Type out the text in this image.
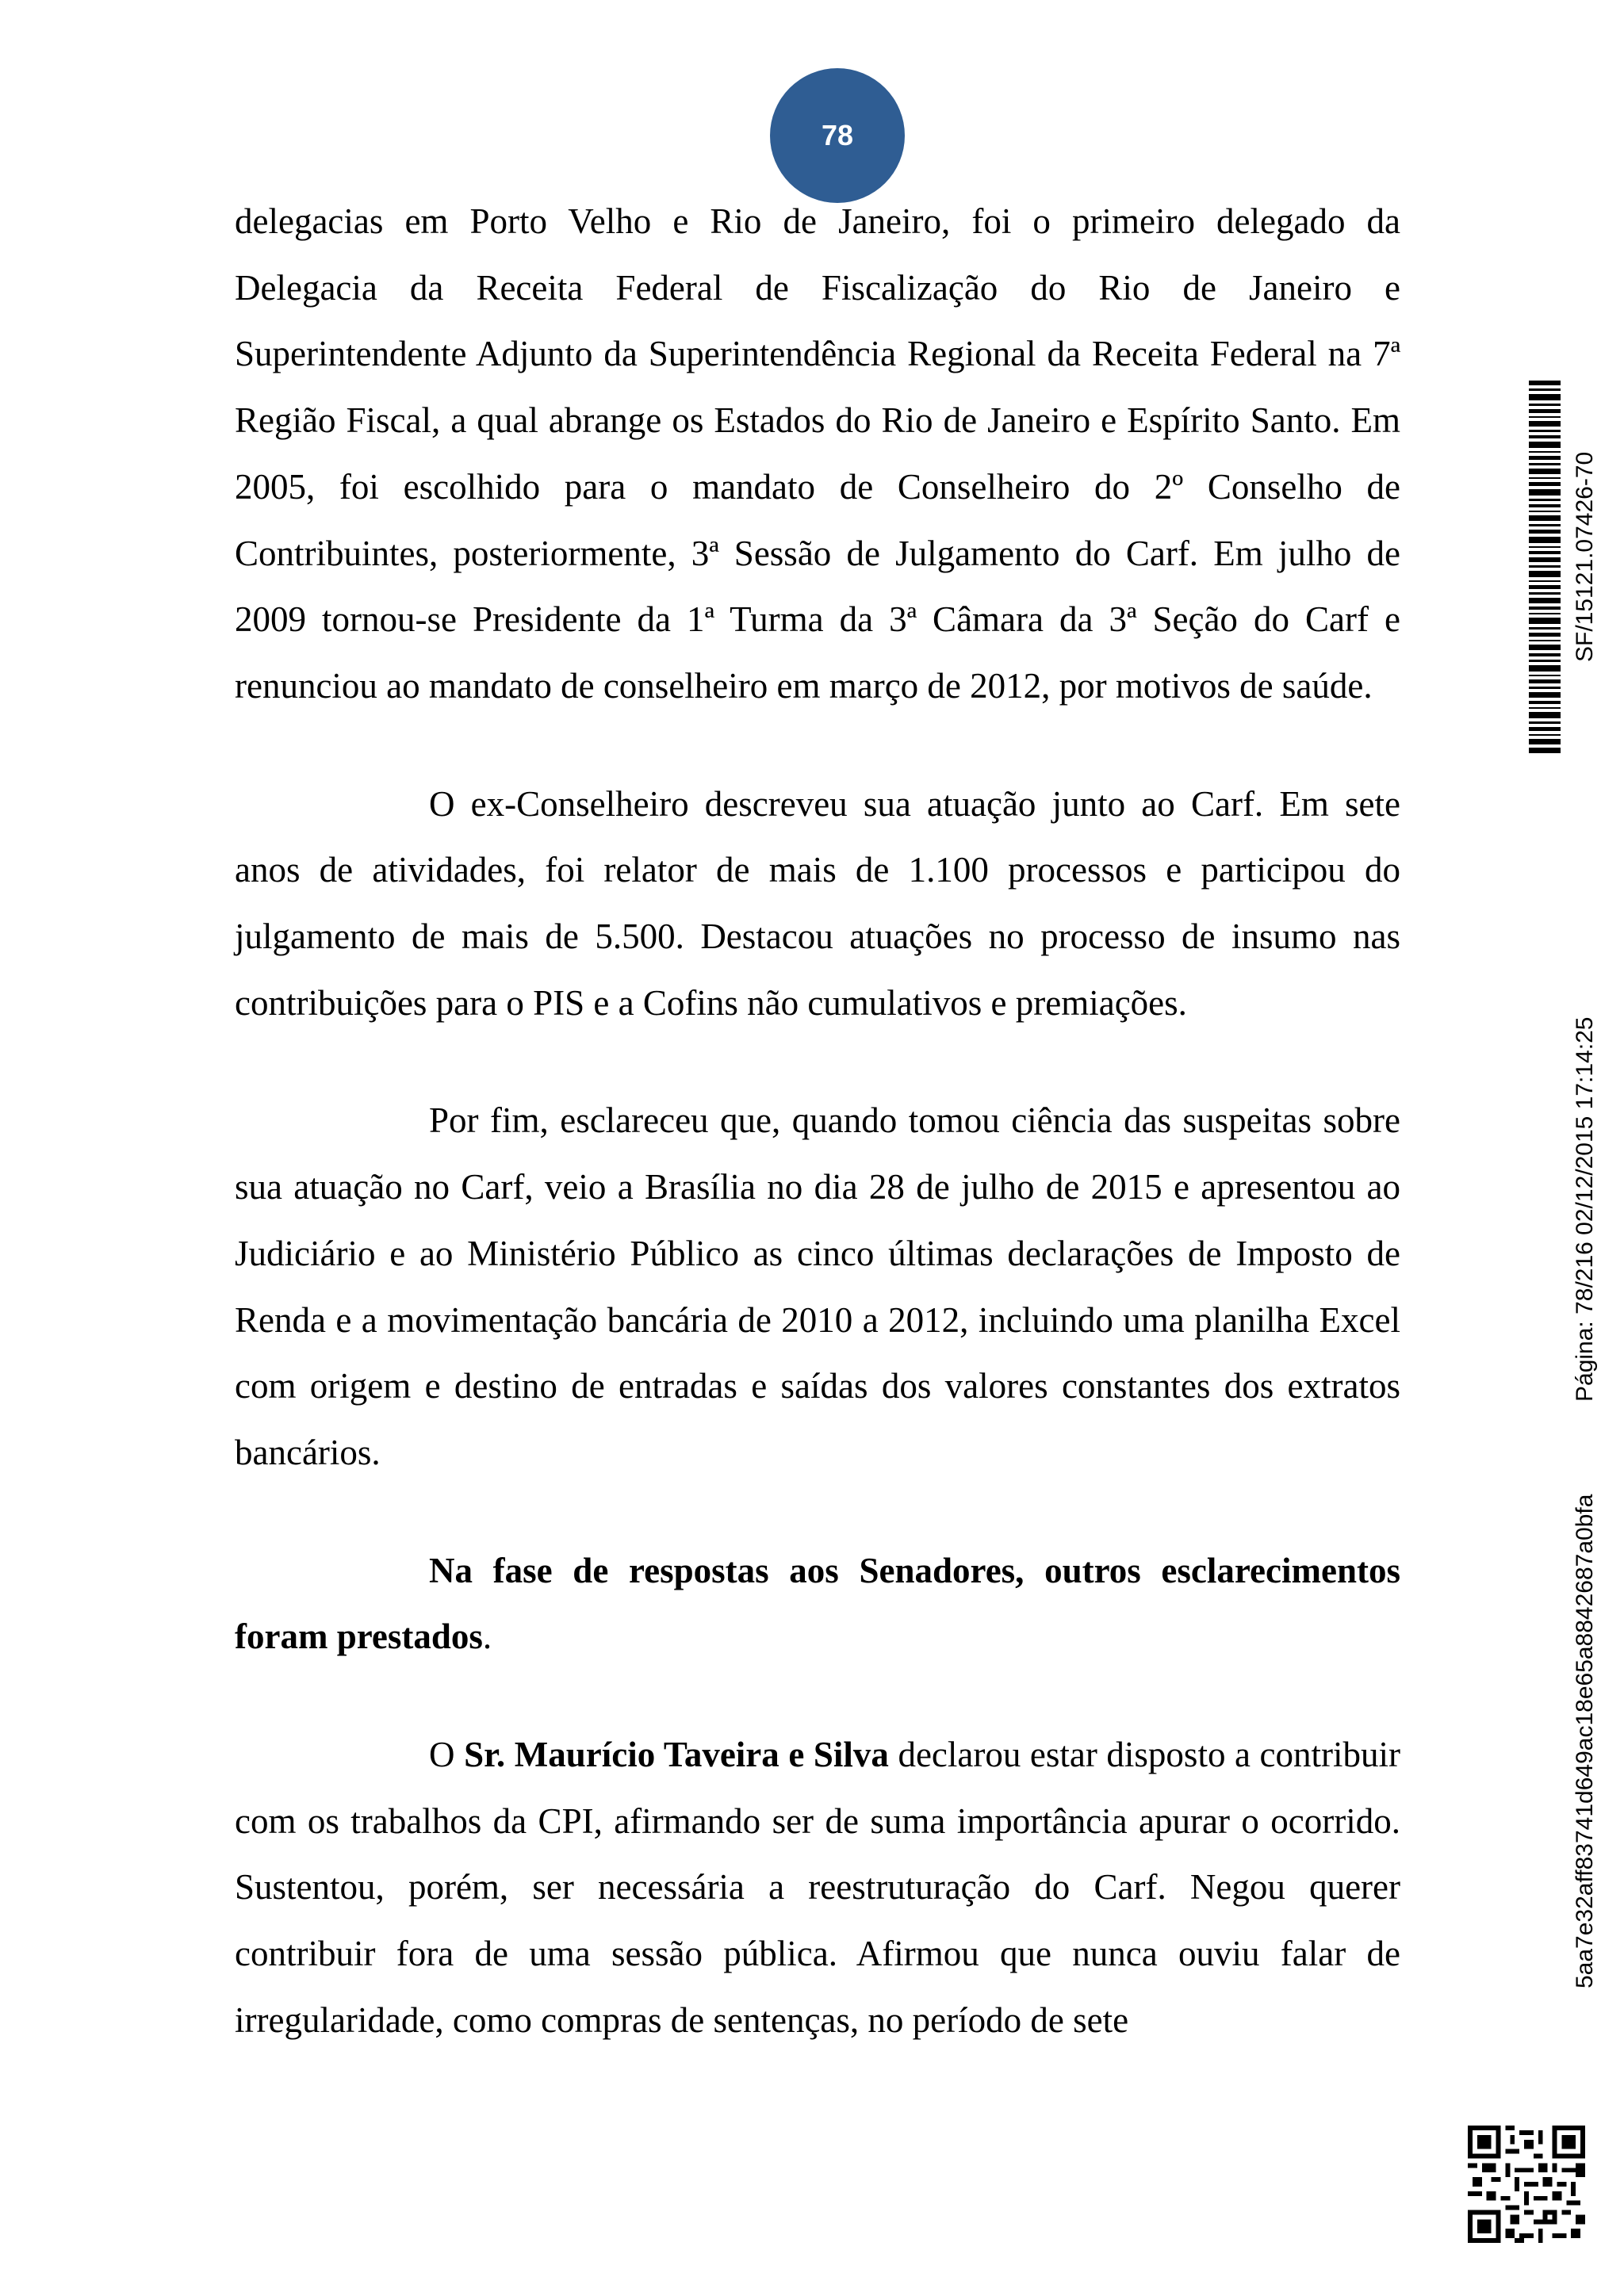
78

delegacias em Porto Velho e Rio de Janeiro, foi o primeiro delegado da Delegacia da Receita Federal de Fiscalização do Rio de Janeiro e Superintendente Adjunto da Superintendência Regional da Receita Federal na 7ª Região Fiscal, a qual abrange os Estados do Rio de Janeiro e Espírito Santo. Em 2005, foi escolhido para o mandato de Conselheiro do 2º Conselho de Contribuintes, posteriormente, 3ª Sessão de Julgamento do Carf. Em julho de 2009 tornou-se Presidente da 1ª Turma da 3ª Câmara da 3ª Seção do Carf e renunciou ao mandato de conselheiro em março de 2012, por motivos de saúde.

O ex-Conselheiro descreveu sua atuação junto ao Carf. Em sete anos de atividades, foi relator de mais de 1.100 processos e participou do julgamento de mais de 5.500. Destacou atuações no processo de insumo nas contribuições para o PIS e a Cofins não cumulativos e premiações.

Por fim, esclareceu que, quando tomou ciência das suspeitas sobre sua atuação no Carf, veio a Brasília no dia 28 de julho de 2015 e apresentou ao Judiciário e ao Ministério Público as cinco últimas declarações de Imposto de Renda e a movimentação bancária de 2010 a 2012, incluindo uma planilha Excel com origem e destino de entradas e saídas dos valores constantes dos extratos bancários.

Na fase de respostas aos Senadores, outros esclarecimentos foram prestados.

O Sr. Maurício Taveira e Silva declarou estar disposto a contribuir com os trabalhos da CPI, afirmando ser de suma importância apurar o ocorrido. Sustentou, porém, ser necessária a reestruturação do Carf. Negou querer contribuir fora de uma sessão pública. Afirmou que nunca ouviu falar de irregularidade, como compras de sentenças, no período de sete

SF/15121.07426-70
Página: 78/216 02/12/2015 17:14:25
5aa7e32aff83741d649ac18e65a8842687a0bfa
